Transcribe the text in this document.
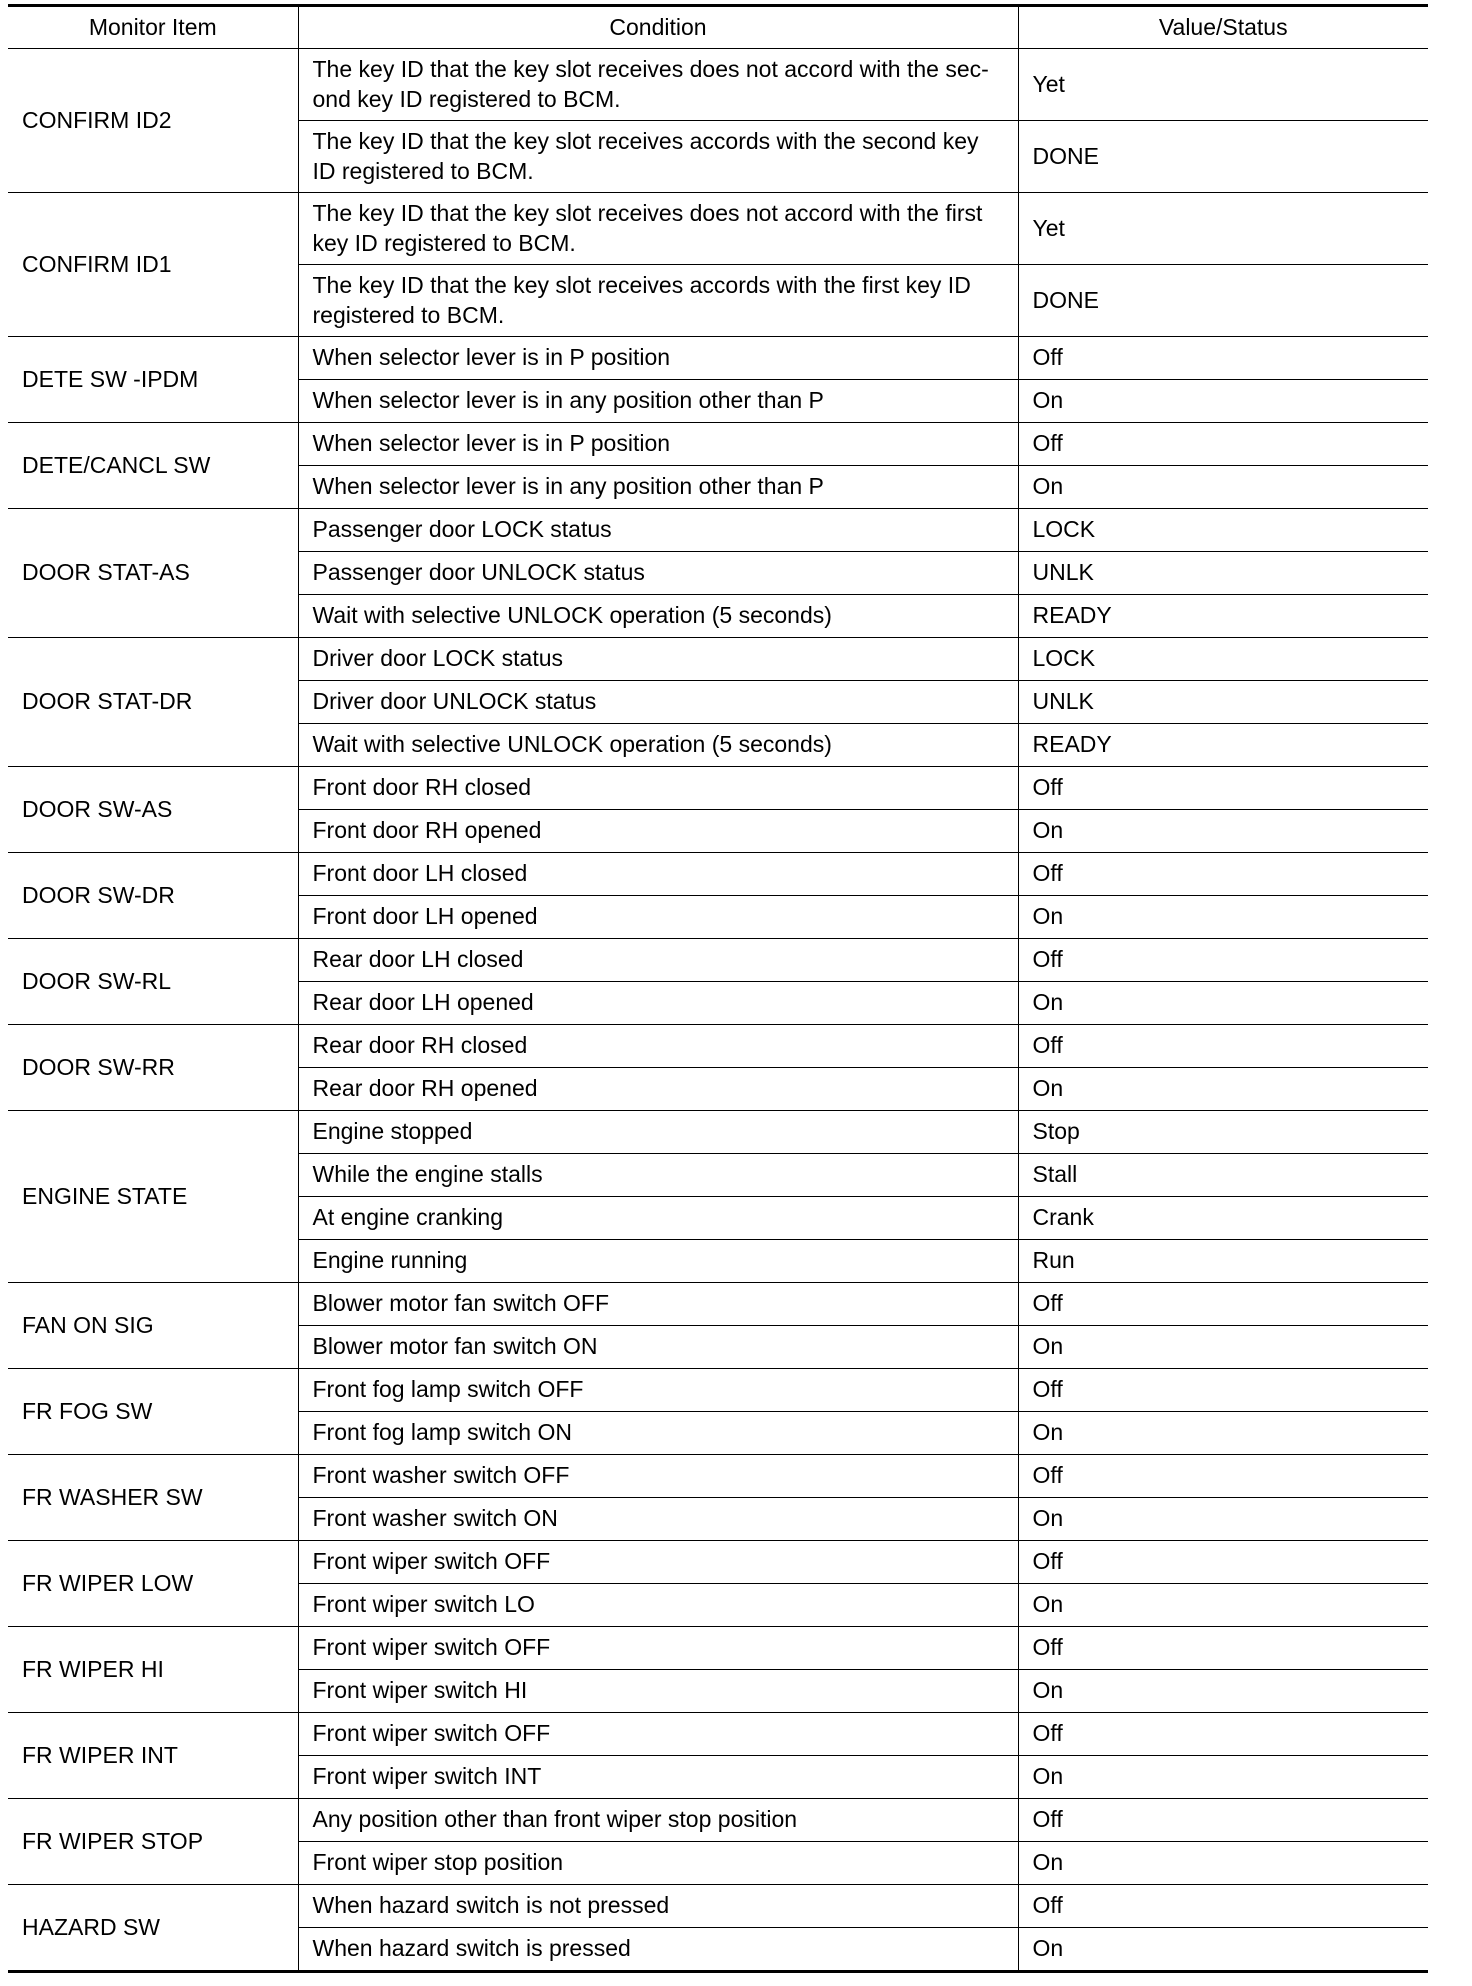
Monitor Item	Condition	Value/Status
CONFIRM ID2	The key ID that the key slot receives does not accord with the sec-ond key ID registered to BCM.	Yet
	The key ID that the key slot receives accords with the second key ID registered to BCM.	DONE
CONFIRM ID1	The key ID that the key slot receives does not accord with the first key ID registered to BCM.	Yet
	The key ID that the key slot receives accords with the first key ID registered to BCM.	DONE
DETE SW -IPDM	When selector lever is in P position	Off
	When selector lever is in any position other than P	On
DETE/CANCL SW	When selector lever is in P position	Off
	When selector lever is in any position other than P	On
DOOR STAT-AS	Passenger door LOCK status	LOCK
	Passenger door UNLOCK status	UNLK
	Wait with selective UNLOCK operation (5 seconds)	READY
DOOR STAT-DR	Driver door LOCK status	LOCK
	Driver door UNLOCK status	UNLK
	Wait with selective UNLOCK operation (5 seconds)	READY
DOOR SW-AS	Front door RH closed	Off
	Front door RH opened	On
DOOR SW-DR	Front door LH closed	Off
	Front door LH opened	On
DOOR SW-RL	Rear door LH closed	Off
	Rear door LH opened	On
DOOR SW-RR	Rear door RH closed	Off
	Rear door RH opened	On
ENGINE STATE	Engine stopped	Stop
	While the engine stalls	Stall
	At engine cranking	Crank
	Engine running	Run
FAN ON SIG	Blower motor fan switch OFF	Off
	Blower motor fan switch ON	On
FR FOG SW	Front fog lamp switch OFF	Off
	Front fog lamp switch ON	On
FR WASHER SW	Front washer switch OFF	Off
	Front washer switch ON	On
FR WIPER LOW	Front wiper switch OFF	Off
	Front wiper switch LO	On
FR WIPER HI	Front wiper switch OFF	Off
	Front wiper switch HI	On
FR WIPER INT	Front wiper switch OFF	Off
	Front wiper switch INT	On
FR WIPER STOP	Any position other than front wiper stop position	Off
	Front wiper stop position	On
HAZARD SW	When hazard switch is not pressed	Off
	When hazard switch is pressed	On
